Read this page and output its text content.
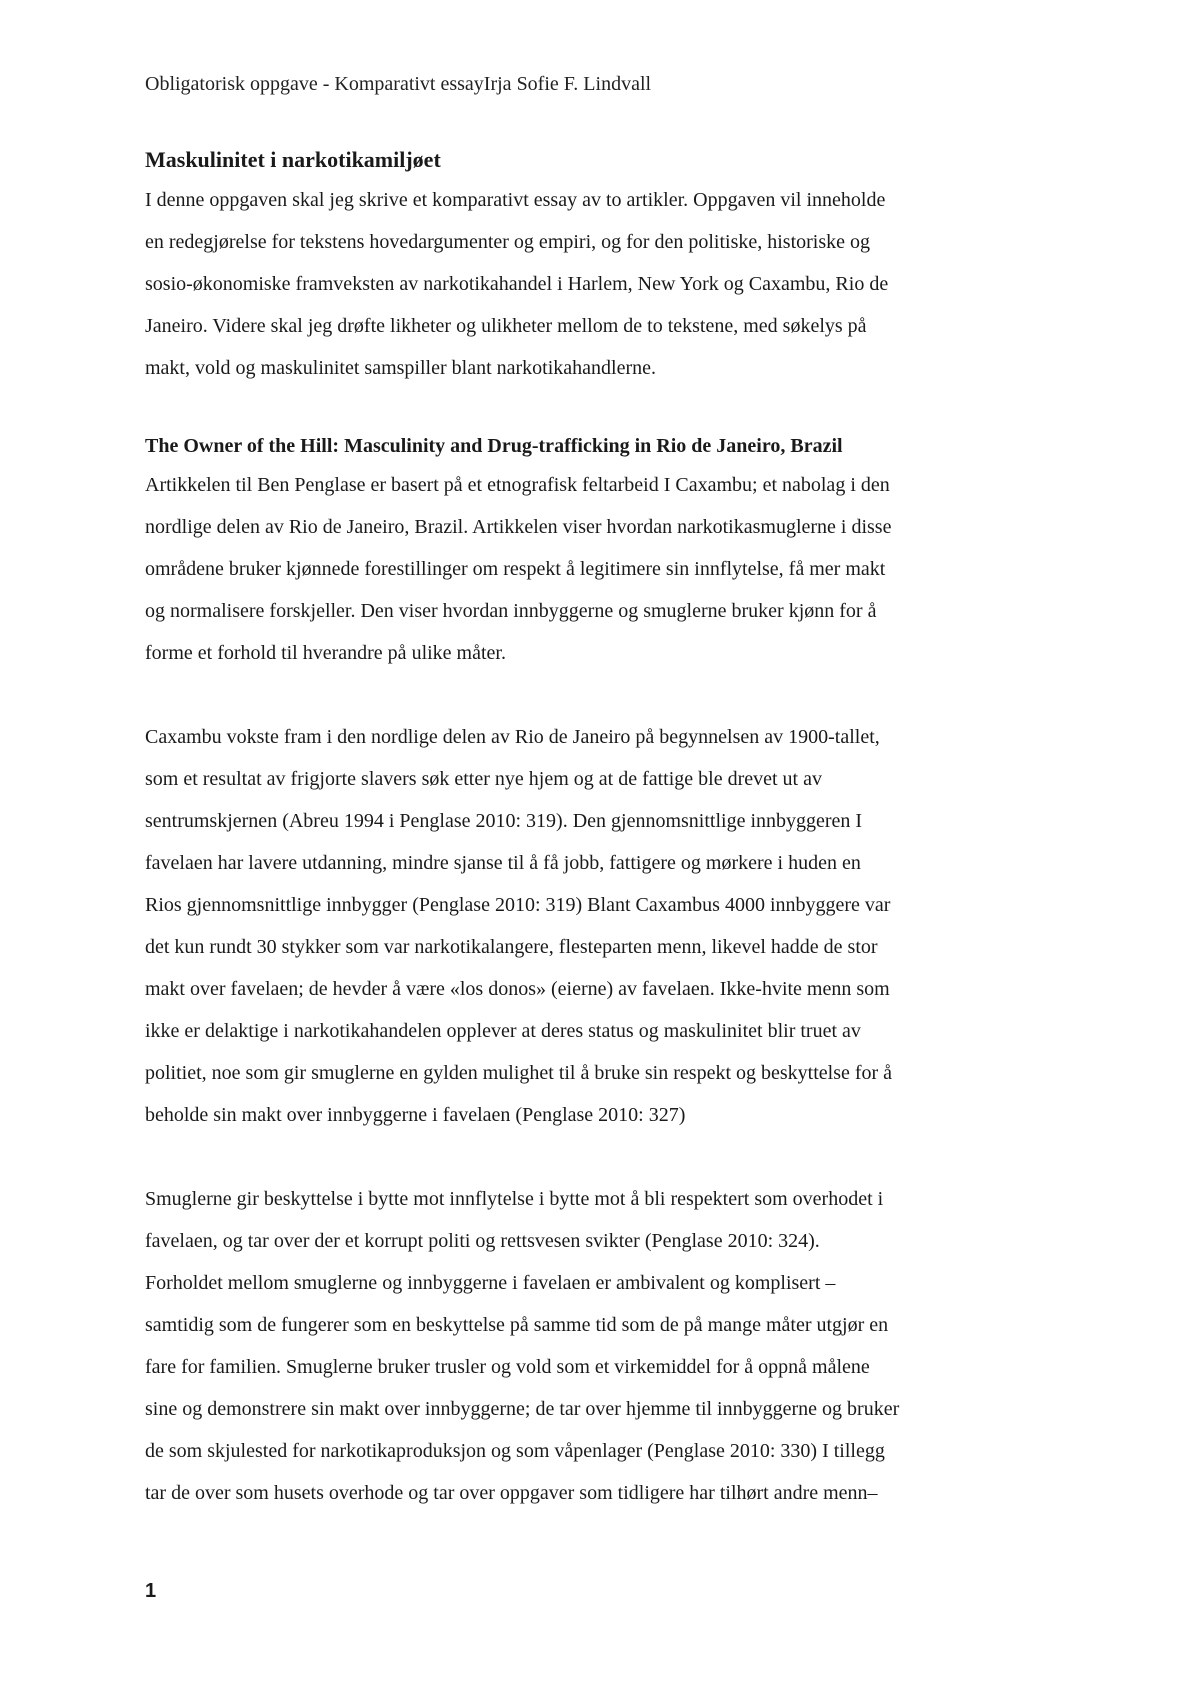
Obligatorisk oppgave - Komparativt essayIrja Sofie F. Lindvall
Maskulinitet i narkotikamiljøet
I denne oppgaven skal jeg skrive et komparativt essay av to artikler. Oppgaven vil inneholde
en redegjørelse for tekstens hovedargumenter og empiri, og for den politiske, historiske og
sosio-økonomiske framveksten av narkotikahandel i Harlem, New York og Caxambu, Rio de
Janeiro. Videre skal jeg drøfte likheter og ulikheter mellom de to tekstene, med søkelys på
makt, vold og maskulinitet samspiller blant narkotikahandlerne.
The Owner of the Hill: Masculinity and Drug-trafficking in Rio de Janeiro, Brazil
Artikkelen til Ben Penglase er basert på et etnografisk feltarbeid I Caxambu; et nabolag i den
nordlige delen av Rio de Janeiro, Brazil. Artikkelen viser hvordan narkotikasmuglerne i disse
områdene bruker kjønnede forestillinger om respekt å legitimere sin innflytelse, få mer makt
og normalisere forskjeller. Den viser hvordan innbyggerne og smuglerne bruker kjønn for å
forme et forhold til hverandre på ulike måter.
Caxambu vokste fram i den nordlige delen av Rio de Janeiro på begynnelsen av 1900-tallet,
som et resultat av frigjorte slavers søk etter nye hjem og at de fattige ble drevet ut av
sentrumskjernen (Abreu 1994 i Penglase 2010: 319). Den gjennomsnittlige innbyggeren I
favelaen har lavere utdanning, mindre sjanse til å få jobb, fattigere og mørkere i huden en
Rios gjennomsnittlige innbygger (Penglase 2010: 319) Blant Caxambus 4000 innbyggere var
det kun rundt 30 stykker som var narkotikalangere, flesteparten menn, likevel hadde de stor
makt over favelaen; de hevder å være «los donos» (eierne) av favelaen. Ikke-hvite menn som
ikke er delaktige i narkotikahandelen opplever at deres status og maskulinitet blir truet av
politiet, noe som gir smuglerne en gylden mulighet til å bruke sin respekt og beskyttelse for å
beholde sin makt over innbyggerne i favelaen (Penglase 2010: 327)
Smuglerne gir beskyttelse i bytte mot innflytelse i bytte mot å bli respektert som overhodet i
favelaen, og tar over der et korrupt politi og rettsvesen svikter (Penglase 2010: 324).
Forholdet mellom smuglerne og innbyggerne i favelaen er ambivalent og komplisert –
samtidig som de fungerer som en beskyttelse på samme tid som de på mange måter utgjør en
fare for familien. Smuglerne bruker trusler og vold som et virkemiddel for å oppnå målene
sine og demonstrere sin makt over innbyggerne; de tar over hjemme til innbyggerne og bruker
de som skjulested for narkotikaproduksjon og som våpenlager (Penglase 2010: 330) I tillegg
tar de over som husets overhode og tar over oppgaver som tidligere har tilhørt andre menn–
1
